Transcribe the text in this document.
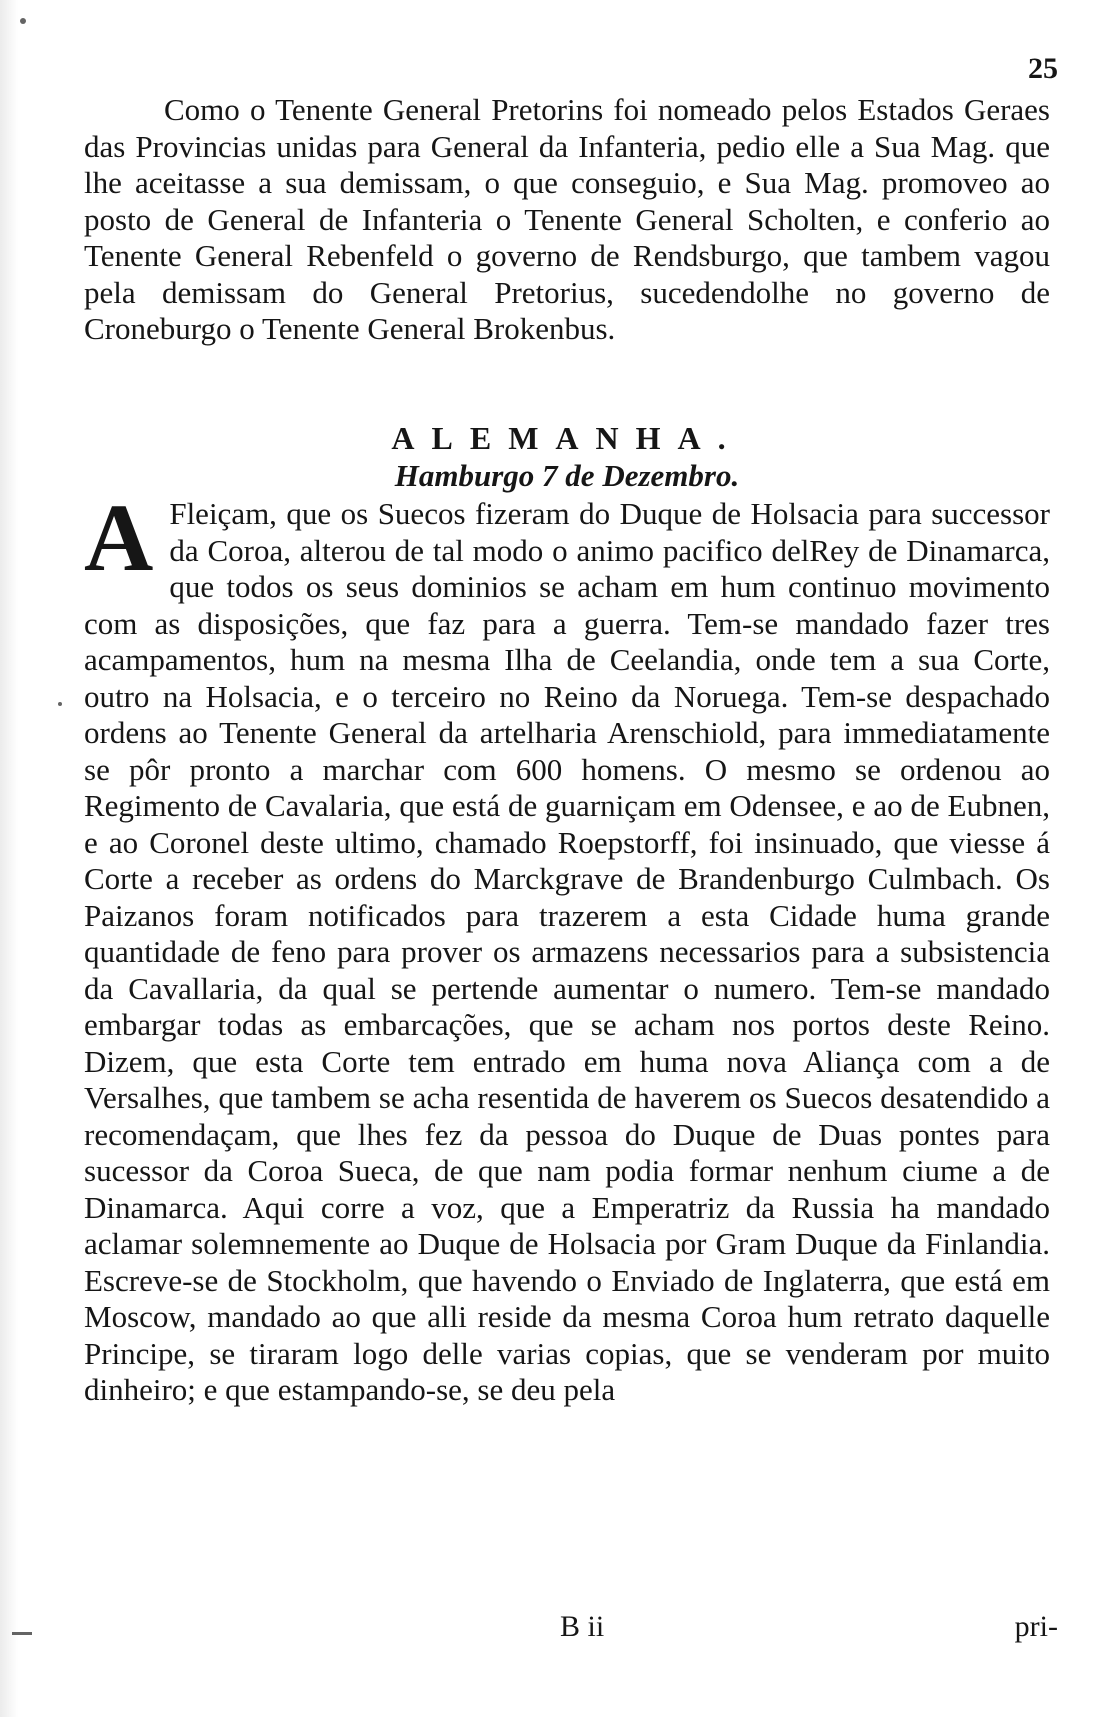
25
Como o Tenente General Pretorins foi nomeado pelos Estados Geraes das Provincias unidas para General da Infanteria, pedio elle a Sua Mag. que lhe aceitasse a sua demissam, o que conseguio, e Sua Mag. promoveo ao posto de General de Infanteria o Tenente General Scholten, e conferio ao Tenente General Rebenfeld o governo de Rendsburgo, que tambem vagou pela demissam do General Pretorius, sucedendolhe no governo de Croneburgo o Tenente General Brokenbus.
ALEMANHA.
Hamburgo 7 de Dezembro.
A Fleiçam, que os Suecos fizeram do Duque de Holsacia para successor da Coroa, alterou de tal modo o animo pacifico delRey de Dinamarca, que todos os seus dominios se acham em hum continuo movimento com as disposições, que faz para a guerra. Tem-se mandado fazer tres acampamentos, hum na mesma Ilha de Ceelandia, onde tem a sua Corte, outro na Holsacia, e o terceiro no Reino da Noruega. Tem-se despachado ordens ao Tenente General da artelharia Arenschiold, para immediatamente se pôr pronto a marchar com 600 homens. O mesmo se ordenou ao Regimento de Cavalaria, que está de guarniçam em Odensee, e ao de Eubnen, e ao Coronel deste ultimo, chamado Roepstorff, foi insinuado, que viesse á Corte a receber as ordens do Marckgrave de Brandenburgo Culmbach. Os Paizanos foram notificados para trazerem a esta Cidade huma grande quantidade de feno para prover os armazens necessarios para a subsistencia da Cavallaria, da qual se pertende aumentar o numero. Tem-se mandado embargar todas as embarcações, que se acham nos portos deste Reino. Dizem, que esta Corte tem entrado em huma nova Aliança com a de Versalhes, que tambem se acha resentida de haverem os Suecos desatendido a recomendaçam, que lhes fez da pessoa do Duque de Duas pontes para sucessor da Coroa Sueca, de que nam podia formar nenhum ciume a de Dinamarca. Aqui corre a voz, que a Emperatriz da Russia ha mandado aclamar solemnemente ao Duque de Holsacia por Gram Duque da Finlandia. Escreve-se de Stockholm, que havendo o Enviado de Inglaterra, que está em Moscow, mandado ao que alli reside da mesma Coroa hum retrato daquelle Principe, se tiraram logo delle varias copias, que se venderam por muito dinheiro; e que estampando-se, se deu pela
B ii	pri-
